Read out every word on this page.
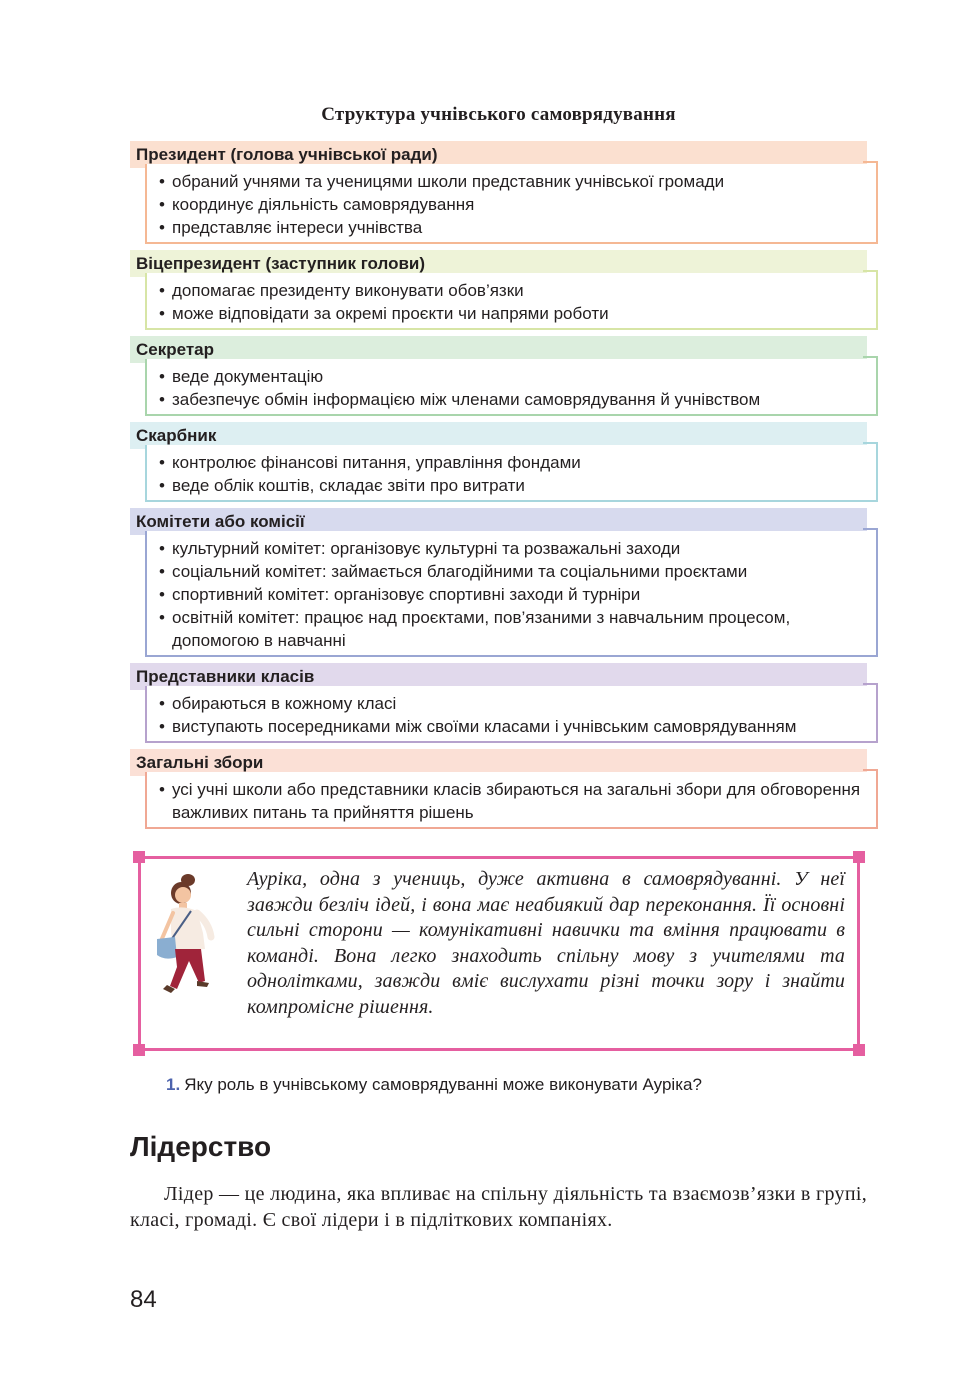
Структура учнівського самоврядування
Президент (голова учнівської ради)
• обраний учнями та ученицями школи представник учнівської громади
• координує діяльність самоврядування
• представляє інтереси учнівства
Віцепрезидент (заступник голови)
• допомагає президенту виконувати обов’язки
• може відповідати за окремі проєкти чи напрями роботи
Секретар
• веде документацію
• забезпечує обмін інформацією між членами самоврядування й учнівством
Скарбник
• контролює фінансові питання, управління фондами
• веде облік коштів, складає звіти про витрати
Комітети або комісії
• культурний комітет: організовує культурні та розважальні заходи
• соціальний комітет: займається благодійними та соціальними проєктами
• спортивний комітет: організовує спортивні заходи й турніри
• освітній комітет: працює над проєктами, пов’язаними з навчальним процесом, допомогою в навчанні
Представники класів
• обираються в кожному класі
• виступають посередниками між своїми класами і учнівським самоврядуванням
Загальні збори
• усі учні школи або представники класів збираються на загальні збори для обговорення важливих питань та прийняття рішень
Ауріка, одна з учениць, дуже активна в самоврядуванні. У неї завжди безліч ідей, і вона має неабиякий дар переконання. Її основні сильні сторони — комунікативні навички та вміння працювати в команді. Вона легко знаходить спільну мову з учителями та однолітками, завжди вміє вислухати різні точки зору і знайти компромісне рішення.
1. Яку роль в учнівському самоврядуванні може виконувати Ауріка?
Лідерство
Лідер — це людина, яка впливає на спільну діяльність та взаємозв’язки в групі, класі, громаді. Є свої лідери і в підліткових компаніях.
84
